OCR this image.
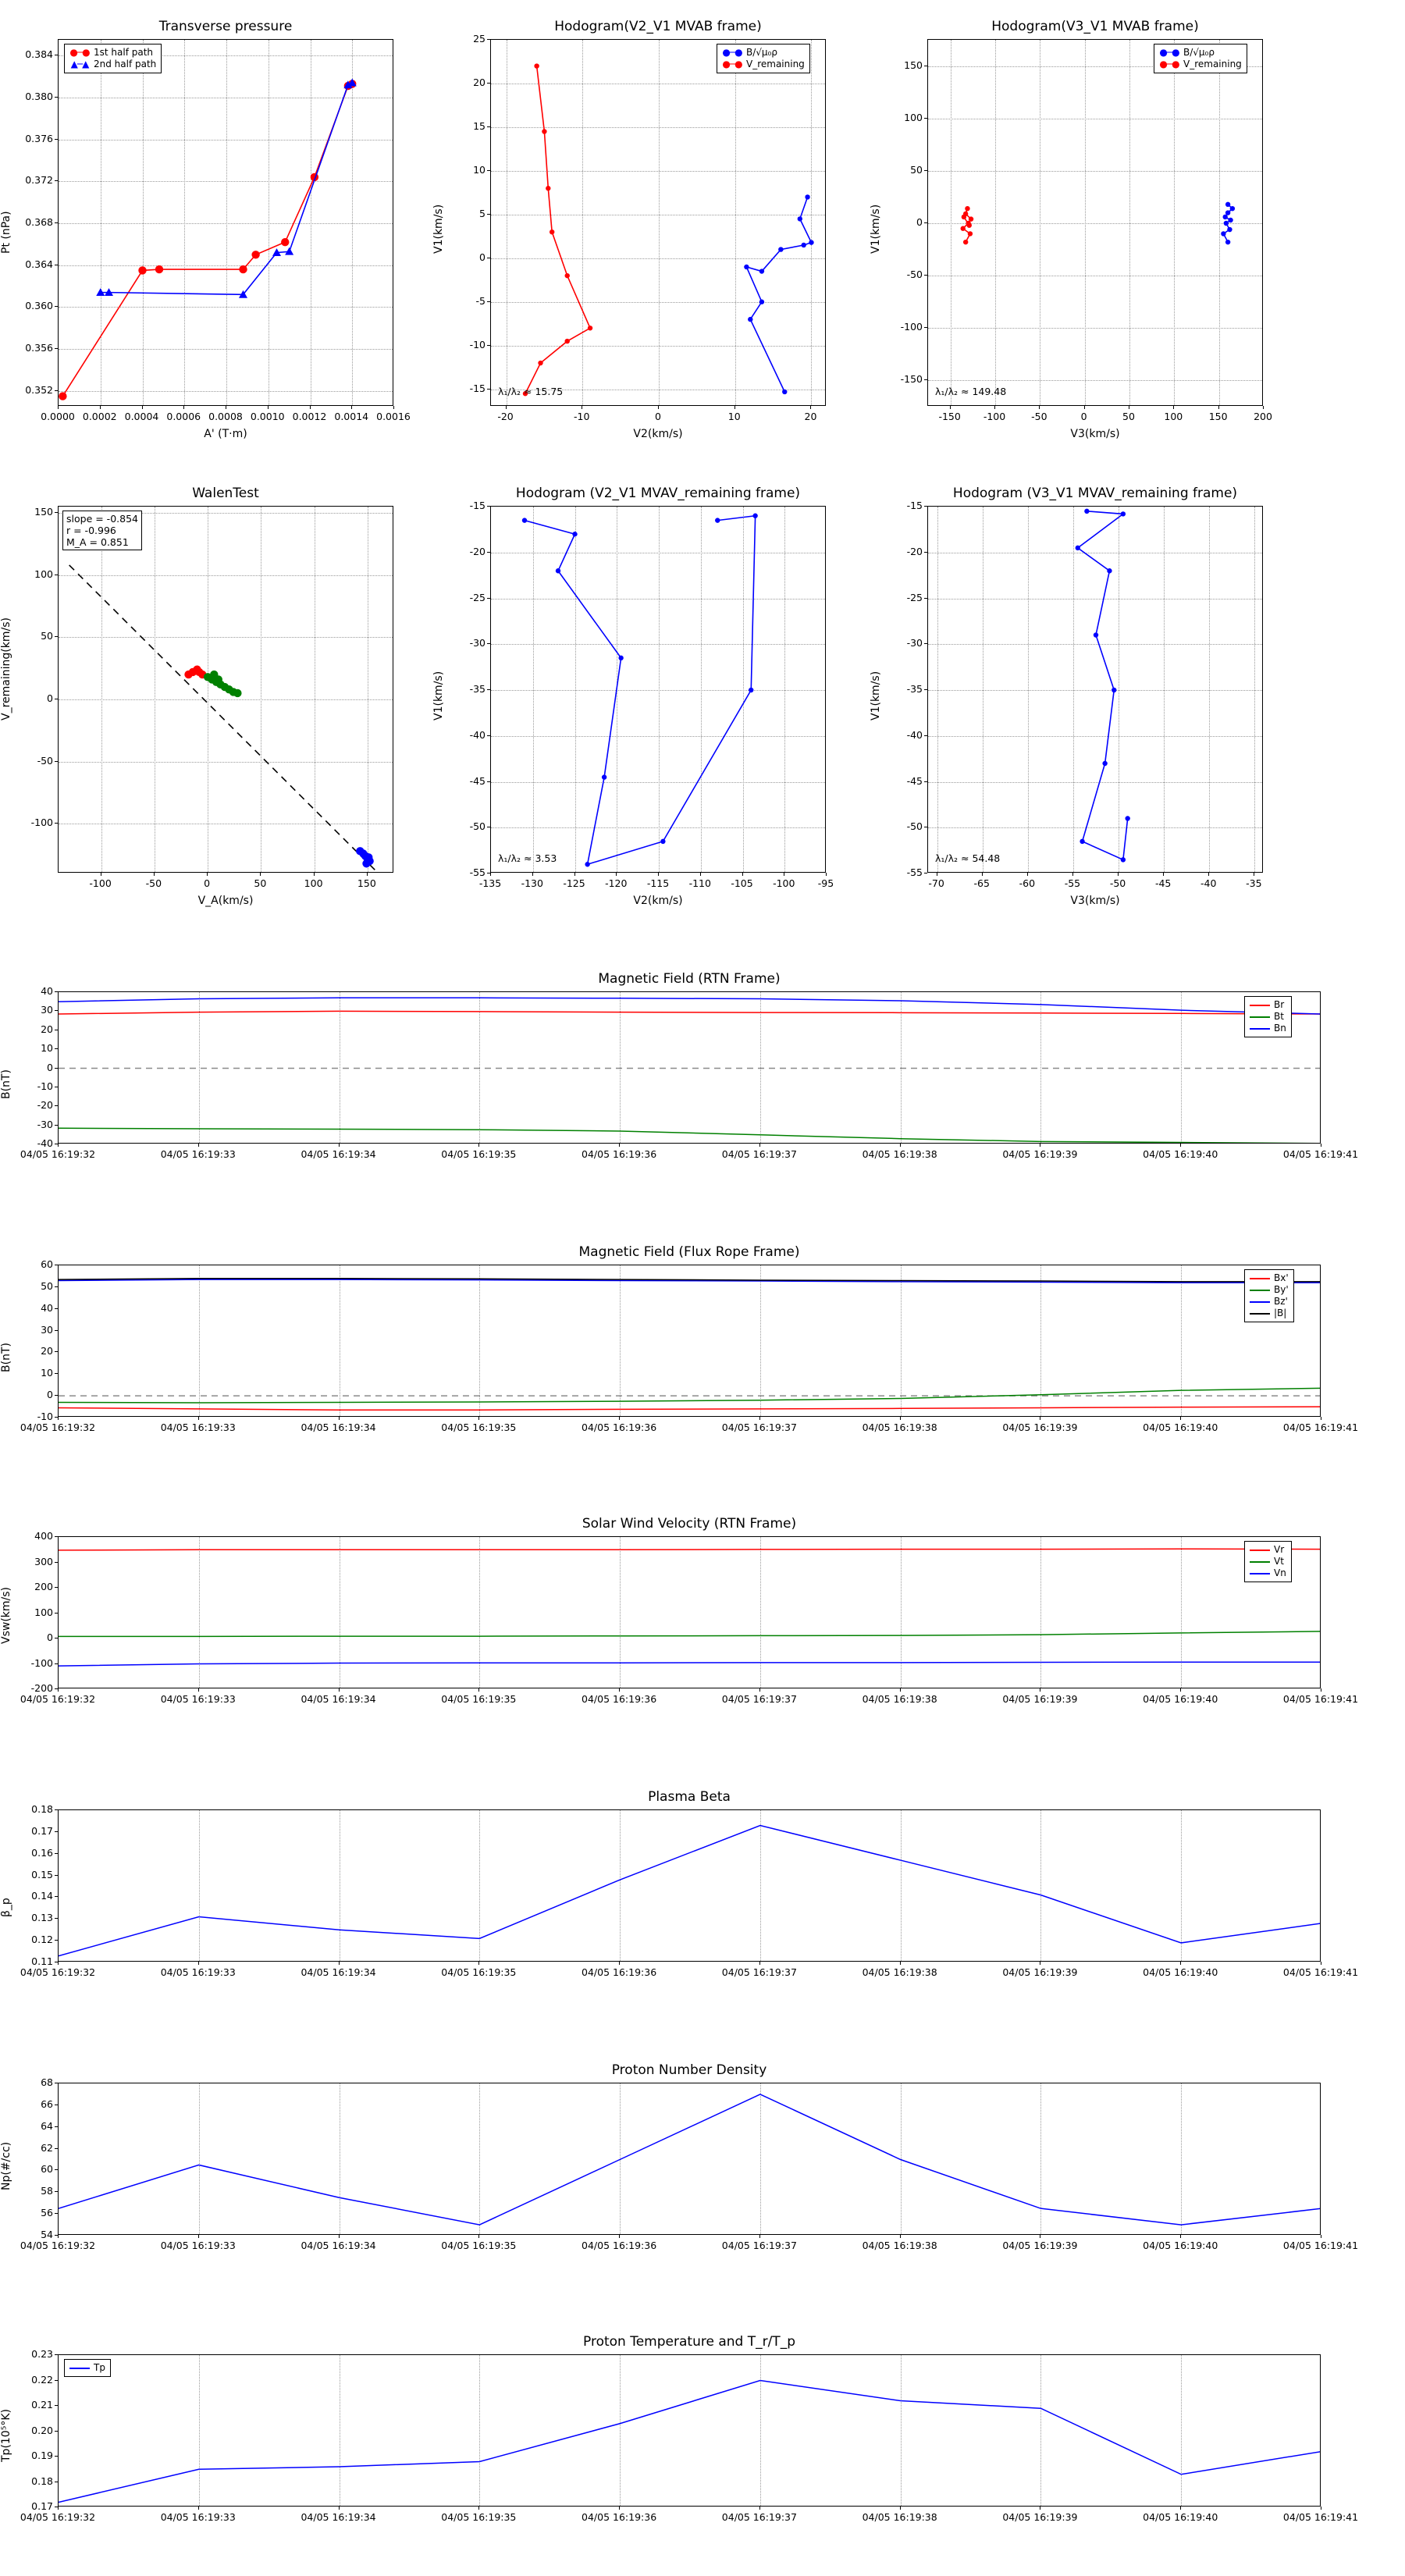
Transverse pressure
0.352
0.356
0.360
0.364
0.368
0.372
0.376
0.380
0.384
0.0000 0.0002 0.0004 0.0006 0.0008 0.0010 0.0012 0.0014 0.0016
A' (T·m)
Pt (nPa)
●─● 1st half path
▲─▲ 2nd half path
Hodogram(V2_V1 MVAB frame)
-15
-10
-5
0
5
10
15
20
25
-20	-10	0	10	20
V2(km/s)
V1(km/s)
λ₁/λ₂ ≈ 15.75
●─● B/√μ₀ρ
●─● V_remaining
Hodogram(V3_V1 MVAB frame)
-150
-100
-50
0
50
100
150
-150	-100	-50	0	50	100	150	200
V3(km/s)
V1(km/s)
λ₁/λ₂ ≈ 149.48
●─● B/√μ₀ρ
●─● V_remaining
WalenTest
-100
-50
0
50
100
150
-100	-50	0	50	100	150
V_A(km/s)
V_remaining(km/s)
slope = -0.854
r = -0.996
M_A = 0.851
Hodogram (V2_V1 MVAV_remaining frame)
-15
-20
-25
-30
-35
-40
-45
-50
-55
-135	-130	-125	-120	-115	-110	-105	-100	-95
V2(km/s)
V1(km/s)
λ₁/λ₂ ≈ 3.53
Hodogram (V3_V1 MVAV_remaining frame)
-15
-20
-25
-30
-35
-40
-45
-50
-55
-70	-65	-60	-55	-50	-45	-40	-35
V3(km/s)
V1(km/s)
λ₁/λ₂ ≈ 54.48
Magnetic Field (RTN Frame)
-40
-30
-20
-10
0
10
20
30
40
04/05 16:19:32	04/05 16:19:33	04/05 16:19:34	04/05 16:19:35	04/05 16:19:36	04/05 16:19:37	04/05 16:19:38	04/05 16:19:39	04/05 16:19:40	04/05 16:19:41
B(nT)
Br
Bt
Bn
Magnetic Field (Flux Rope Frame)
-10
0
10
20
30
40
50
60
04/05 16:19:32	04/05 16:19:33	04/05 16:19:34	04/05 16:19:35	04/05 16:19:36	04/05 16:19:37	04/05 16:19:38	04/05 16:19:39	04/05 16:19:40	04/05 16:19:41
B(nT)
Bx'
By'
Bz'
|B|
Solar Wind Velocity (RTN Frame)
-200
-100
0
100
200
300
400
04/05 16:19:32	04/05 16:19:33	04/05 16:19:34	04/05 16:19:35	04/05 16:19:36	04/05 16:19:37	04/05 16:19:38	04/05 16:19:39	04/05 16:19:40	04/05 16:19:41
Vsw(km/s)
Vr
Vt
Vn
Plasma Beta
0.11
0.12
0.13
0.14
0.15
0.16
0.17
0.18
04/05 16:19:32	04/05 16:19:33	04/05 16:19:34	04/05 16:19:35	04/05 16:19:36	04/05 16:19:37	04/05 16:19:38	04/05 16:19:39	04/05 16:19:40	04/05 16:19:41
β_p
Proton Number Density
54
56
58
60
62
64
66
68
04/05 16:19:32	04/05 16:19:33	04/05 16:19:34	04/05 16:19:35	04/05 16:19:36	04/05 16:19:37	04/05 16:19:38	04/05 16:19:39	04/05 16:19:40	04/05 16:19:41
Np(#/cc)
Proton Temperature and T_r/T_p
0.17
0.18
0.19
0.20
0.21
0.22
0.23
04/05 16:19:32	04/05 16:19:33	04/05 16:19:34	04/05 16:19:35	04/05 16:19:36	04/05 16:19:37	04/05 16:19:38	04/05 16:19:39	04/05 16:19:40	04/05 16:19:41
Tp(10⁵°K)
Tp
